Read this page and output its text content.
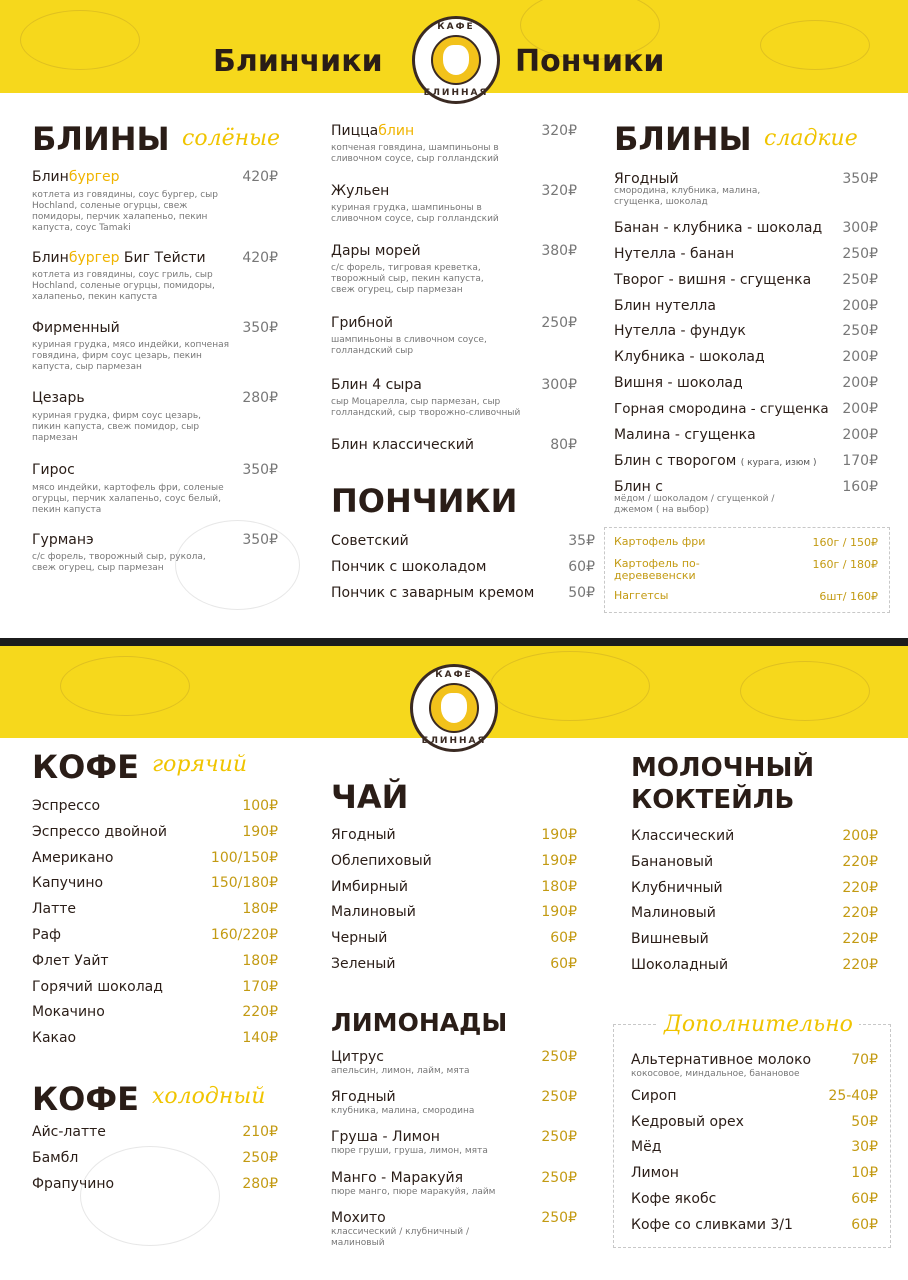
Блинчики	Пончики
КАФЕ
БЛИННАЯ
БЛИНЫ солёные
Блинбургер	420₽
котлета из говядины, соус бургер, сыр Hochland, соленые огурцы, свеж помидоры, перчик халапеньо, пекин капуста, соус Tamaki
Блинбургер Биг Тейсти	420₽
котлета из говядины, соус гриль, сыр Hochland, соленые огурцы, помидоры, халапеньо, пекин капуста
Фирменный	350₽
куриная грудка, мясо индейки, копченая говядина, фирм соус цезарь, пекин капуста, сыр пармезан
Цезарь	280₽
куриная грудка, фирм соус цезарь, пикин капуста, свеж помидор, сыр пармезан
Гирос	350₽
мясо индейки, картофель фри, соленые огурцы, перчик халапеньо, соус белый, пекин капуста
Гурманэ	350₽
с/с форель, творожный сыр, рукола, свеж огурец, сыр пармезан
Пиццаблин	320₽
копченая говядина, шампиньоны в сливочном соусе, сыр голландский
Жульен	320₽
куриная грудка, шампиньоны в сливочном соусе, сыр голландский
Дары морей	380₽
с/с форель, тигровая креветка, творожный сыр, пекин капуста, свеж огурец, сыр пармезан
Грибной	250₽
шампиньоны в сливочном соусе, голландский сыр
Блин 4 сыра	300₽
сыр Моцарелла, сыр пармезан, сыр голландский, сыр творожно-сливочный
Блин классический	80₽
ПОНЧИКИ
Советский	35₽
Пончик с шоколадом	60₽
Пончик с заварным кремом	50₽
БЛИНЫ сладкие
Ягодный	350₽
смородина, клубника, малина, сгущенка, шоколад
Банан - клубника - шоколад	300₽
Нутелла - банан	250₽
Творог - вишня - сгущенка	250₽
Блин нутелла	200₽
Нутелла - фундук	250₽
Клубника - шоколад	200₽
Вишня - шоколад	200₽
Горная смородина - сгущенка 200₽
Малина - сгущенка	200₽
Блин с творогом ( курага, изюм )	170₽
Блин с	160₽
мёдом / шоколадом / сгущенкой / джемом ( на выбор)
Картофель фри	160г / 150₽
Картофель по-деревевенски
160г / 180₽
Наггетсы	6шт/ 160₽
КАФЕ
БЛИННАЯ
КОФЕ горячий
Эспрессо	100₽
Эспрессо двойной	190₽
Американо	100/150₽
Капучино	150/180₽
Латте	180₽
Раф	160/220₽
Флет Уайт	180₽
Горячий шоколад	170₽
Мокачино	220₽
Какао	140₽
КОФЕ холодный
Айс-латте	210₽
Бамбл	250₽
Фрапучино	280₽
ЧАЙ
Ягодный	190₽
Облепиховый	190₽
Имбирный	180₽
Малиновый	190₽
Черный	60₽
Зеленый	60₽
ЛИМОНАДЫ
Цитрус	250₽
апельсин, лимон, лайм, мята
Ягодный	250₽
клубника, малина, смородина
Груша - Лимон	250₽
пюре груши, груша, лимон, мята
Манго - Маракуйя	250₽
пюре манго, пюре маракуйя, лайм
Мохито	250₽
классический / клубничный / малиновый
МОЛОЧНЫЙ
КОКТЕЙЛЬ
Классический	200₽
Банановый	220₽
Клубничный	220₽
Малиновый	220₽
Вишневый	220₽
Шоколадный	220₽
Дополнительно
Альтернативное молоко	70₽
кокосовое, миндальное, банановое
Сироп	25-40₽
Кедровый орех	50₽
Мёд	30₽
Лимон	10₽
Кофе якобс	60₽
Кофе со сливками 3/1	60₽
